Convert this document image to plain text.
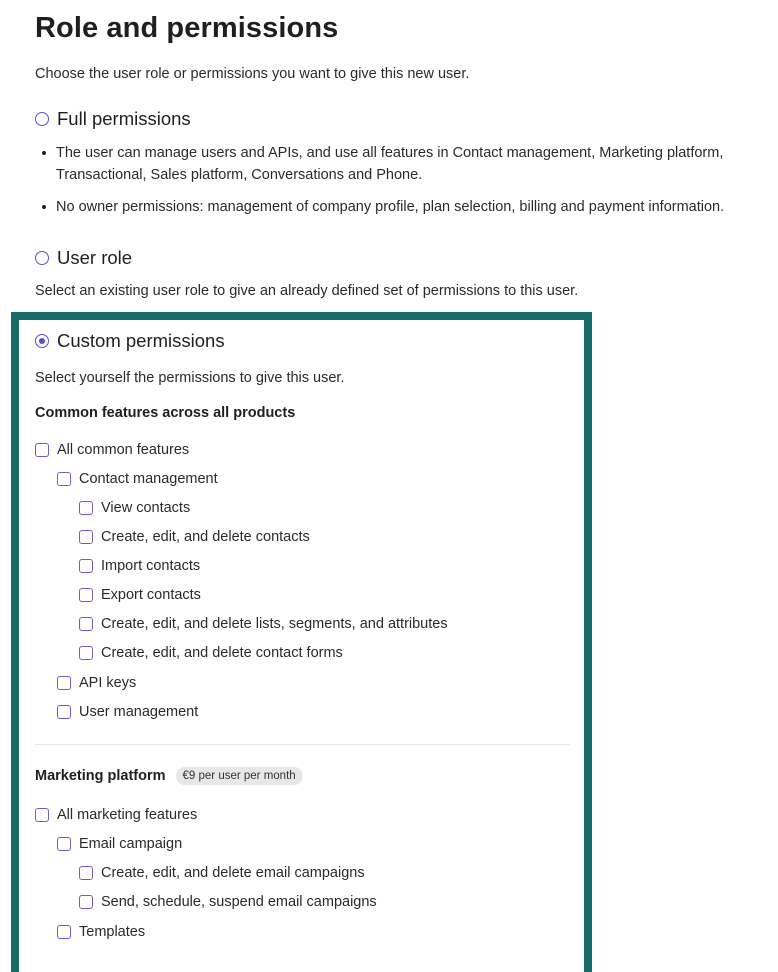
Role and permissions
Choose the user role or permissions you want to give this new user.
Full permissions
The user can manage users and APIs, and use all features in Contact management, Marketing platform, Transactional, Sales platform, Conversations and Phone.
No owner permissions: management of company profile, plan selection, billing and payment information.
User role
Select an existing user role to give an already defined set of permissions to this user.
Custom permissions
Select yourself the permissions to give this user.
Common features across all products
All common features
Contact management
View contacts
Create, edit, and delete contacts
Import contacts
Export contacts
Create, edit, and delete lists, segments, and attributes
Create, edit, and delete contact forms
API keys
User management
Marketing platform	€9 per user per month
All marketing features
Email campaign
Create, edit, and delete email campaigns
Send, schedule, suspend email campaigns
Templates
